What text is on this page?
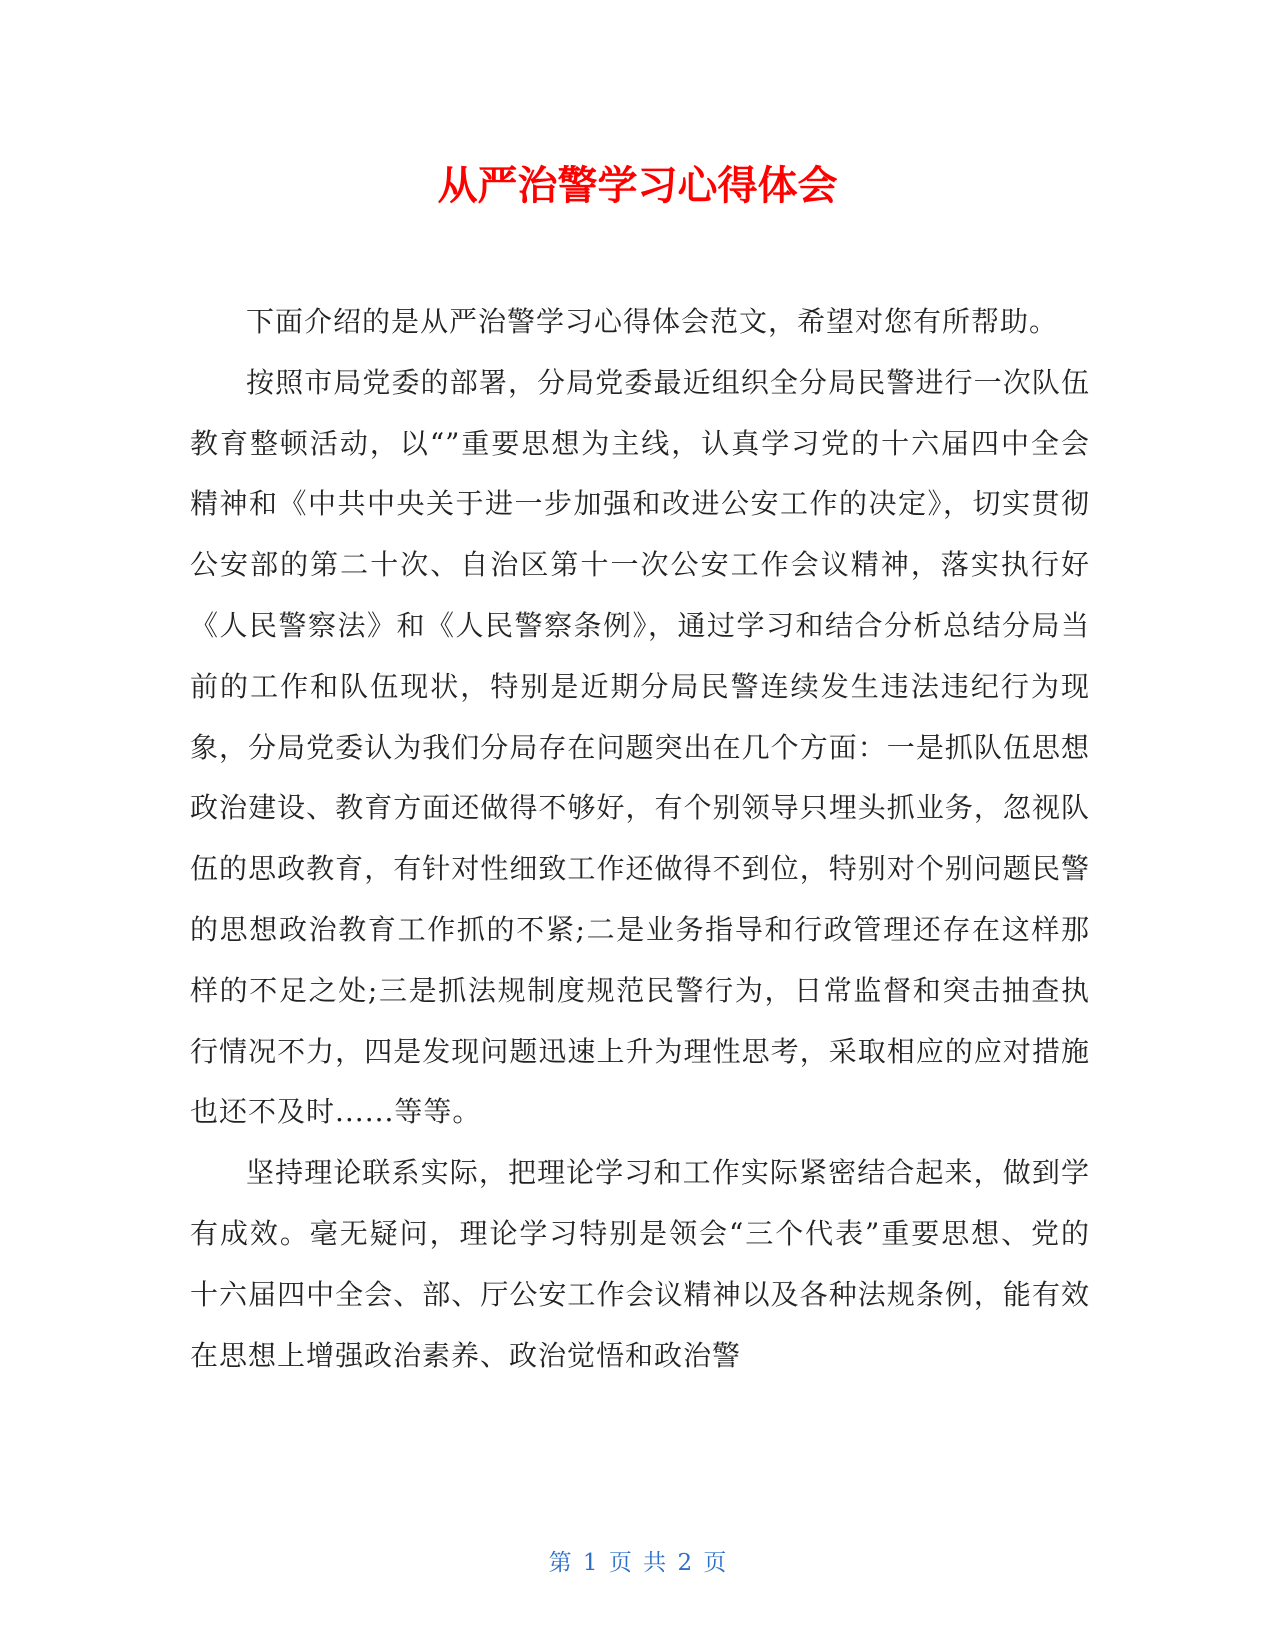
从严治警学习心得体会

下面介绍的是从严治警学习心得体会范文，希望对您有所帮助。

按照市局党委的部署，分局党委最近组织全分局民警进行一次队伍教育整顿活动，以“”重要思想为主线，认真学习党的十六届四中全会精神和《中共中央关于进一步加强和改进公安工作的决定》，切实贯彻公安部的第二十次、自治区第十一次公安工作会议精神，落实执行好《人民警察法》和《人民警察条例》，通过学习和结合分析总结分局当前的工作和队伍现状，特别是近期分局民警连续发生违法违纪行为现象，分局党委认为我们分局存在问题突出在几个方面：一是抓队伍思想政治建设、教育方面还做得不够好，有个别领导只埋头抓业务，忽视队伍的思政教育，有针对性细致工作还做得不到位，特别对个别问题民警的思想政治教育工作抓的不紧;二是业务指导和行政管理还存在这样那样的不足之处;三是抓法规制度规范民警行为，日常监督和突击抽查执行情况不力，四是发现问题迅速上升为理性思考，采取相应的应对措施也还不及时......等等。

坚持理论联系实际，把理论学习和工作实际紧密结合起来，做到学有成效。毫无疑问，理论学习特别是领会“三个代表”重要思想、党的十六届四中全会、部、厅公安工作会议精神以及各种法规条例，能有效在思想上增强政治素养、政治觉悟和政治警

第 1 页 共 2 页
